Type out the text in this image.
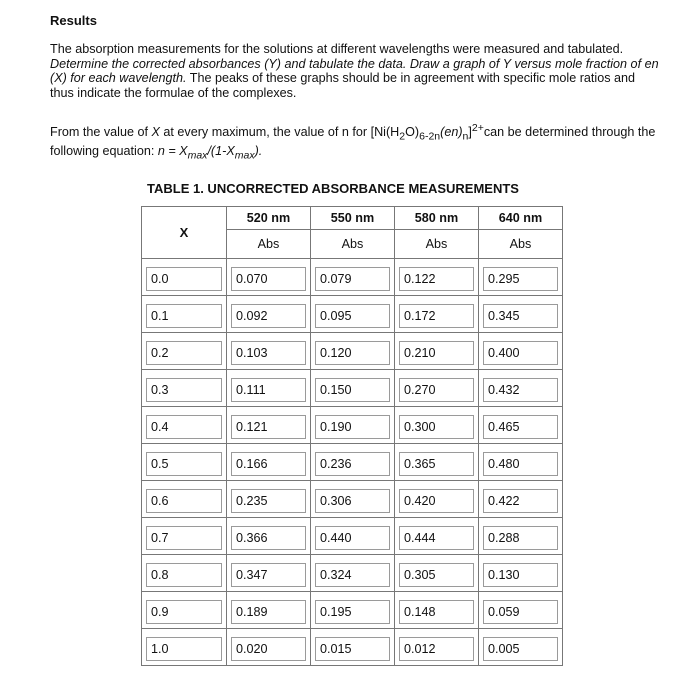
Results

The absorption measurements for the solutions at different wavelengths were measured and tabulated. Determine the corrected absorbances (Y) and tabulate the data. Draw a graph of Y versus mole fraction of en (X) for each wavelength. The peaks of these graphs should be in agreement with specific mole ratios and thus indicate the formulae of the complexes.

From the value of X at every maximum, the value of n for $[Ni(H_2O)_{6-2n}(en)_n]^{2+}can$ be determined through the following equation: $n = X_{max}/(1-X_{max})$.

TABLE 1. UNCORRECTED ABSORBANCE MEASUREMENTS
X	520 nm	550 nm	580 nm	640 nm
	Abs	Abs	Abs	Abs

0.0	0.070	0.079	0.122	0.295

0.1	0.092	0.095	0.172	0.345

0.2	0.103	0.120	0.210	0.400

0.3	0.111	0.150	0.270	0.432

0.4	0.121	0.190	0.300	0.465

0.5	0.166	0.236	0.365	0.480

0.6	0.235	0.306	0.420	0.422

0.7	0.366	0.440	0.444	0.288

0.8	0.347	0.324	0.305	0.130

0.9	0.189	0.195	0.148	0.059

1.0	0.020	0.015	0.012	0.005
